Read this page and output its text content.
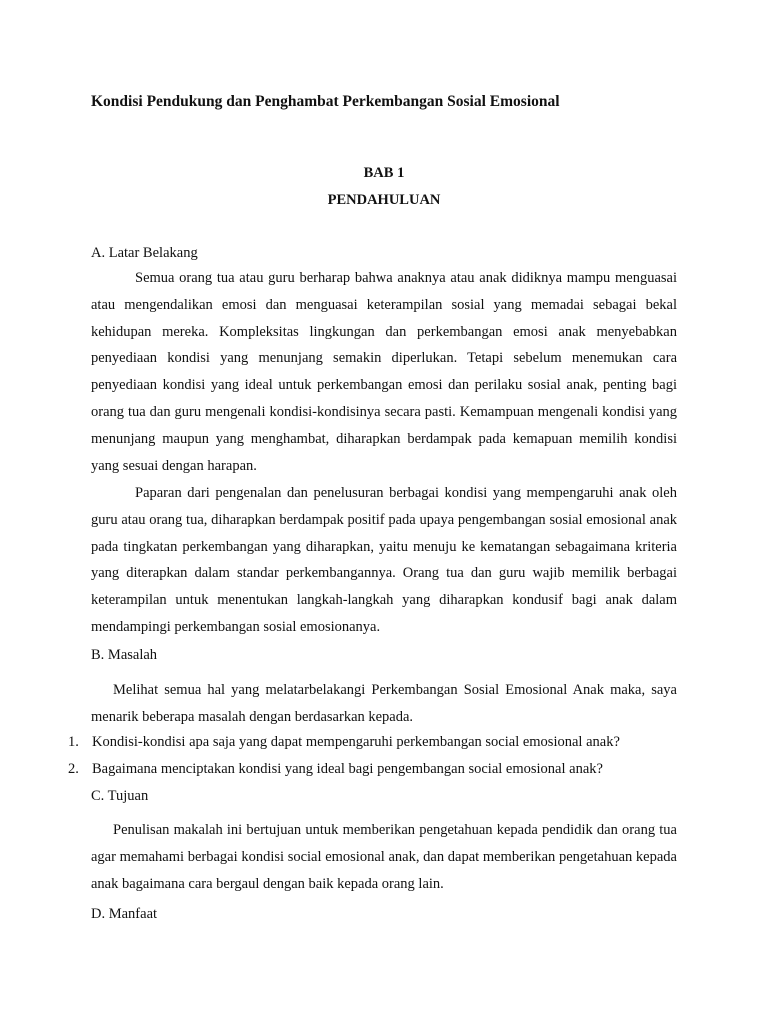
Kondisi Pendukung dan Penghambat Perkembangan Sosial Emosional
BAB 1
PENDAHULUAN
A. Latar Belakang

Semua orang tua atau guru berharap bahwa anaknya atau anak didiknya mampu menguasai atau mengendalikan emosi dan menguasai keterampilan sosial yang memadai sebagai bekal kehidupan mereka. Kompleksitas lingkungan dan perkembangan emosi anak menyebabkan penyediaan kondisi yang menunjang semakin diperlukan. Tetapi sebelum menemukan cara penyediaan kondisi yang ideal untuk perkembangan emosi dan perilaku sosial anak, penting bagi orang tua dan guru mengenali kondisi-kondisinya secara pasti. Kemampuan mengenali kondisi yang menunjang maupun yang menghambat, diharapkan berdampak pada kemapuan memilih kondisi yang sesuai dengan harapan.

Paparan dari pengenalan dan penelusuran berbagai kondisi yang mempengaruhi anak oleh guru atau orang tua, diharapkan berdampak positif pada upaya pengembangan sosial emosional anak pada tingkatan perkembangan yang diharapkan, yaitu menuju ke kematangan sebagaimana kriteria yang diterapkan dalam standar perkembangannya. Orang tua dan guru wajib memilik berbagai keterampilan untuk menentukan langkah-langkah yang diharapkan kondusif bagi anak dalam mendampingi perkembangan sosial emosionanya.

B. Masalah

Melihat semua hal yang melatarbelakangi Perkembangan Sosial Emosional Anak maka, saya menarik beberapa masalah dengan berdasarkan kepada.

1. Kondisi-kondisi apa saja yang dapat mempengaruhi perkembangan social emosional anak?
2. Bagaimana menciptakan kondisi yang ideal bagi pengembangan social emosional anak?
C. Tujuan

Penulisan makalah ini bertujuan untuk memberikan pengetahuan kepada pendidik dan orang tua agar memahami berbagai kondisi social emosional anak, dan dapat memberikan pengetahuan kepada anak bagaimana cara bergaul dengan baik kepada orang lain.

D. Manfaat
